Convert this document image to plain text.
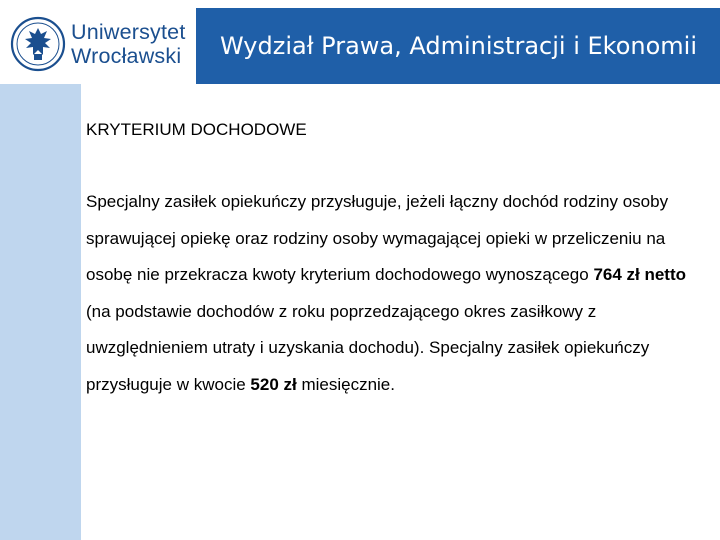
Uniwersytet
Wrocławski Wydział Prawa, Administracji i Ekonomii
KRYTERIUM DOCHODOWE
Specjalny zasiłek opiekuńczy przysługuje, jeżeli łączny dochód rodziny osoby sprawującej opiekę oraz rodziny osoby wymagającej opieki w przeliczeniu na osobę nie przekracza kwoty kryterium dochodowego wynoszącego 764 zł netto (na podstawie dochodów z roku poprzedzającego okres zasiłkowy z uwzględnieniem utraty i uzyskania dochodu). Specjalny zasiłek opiekuńczy przysługuje w kwocie 520 zł miesięcznie.
